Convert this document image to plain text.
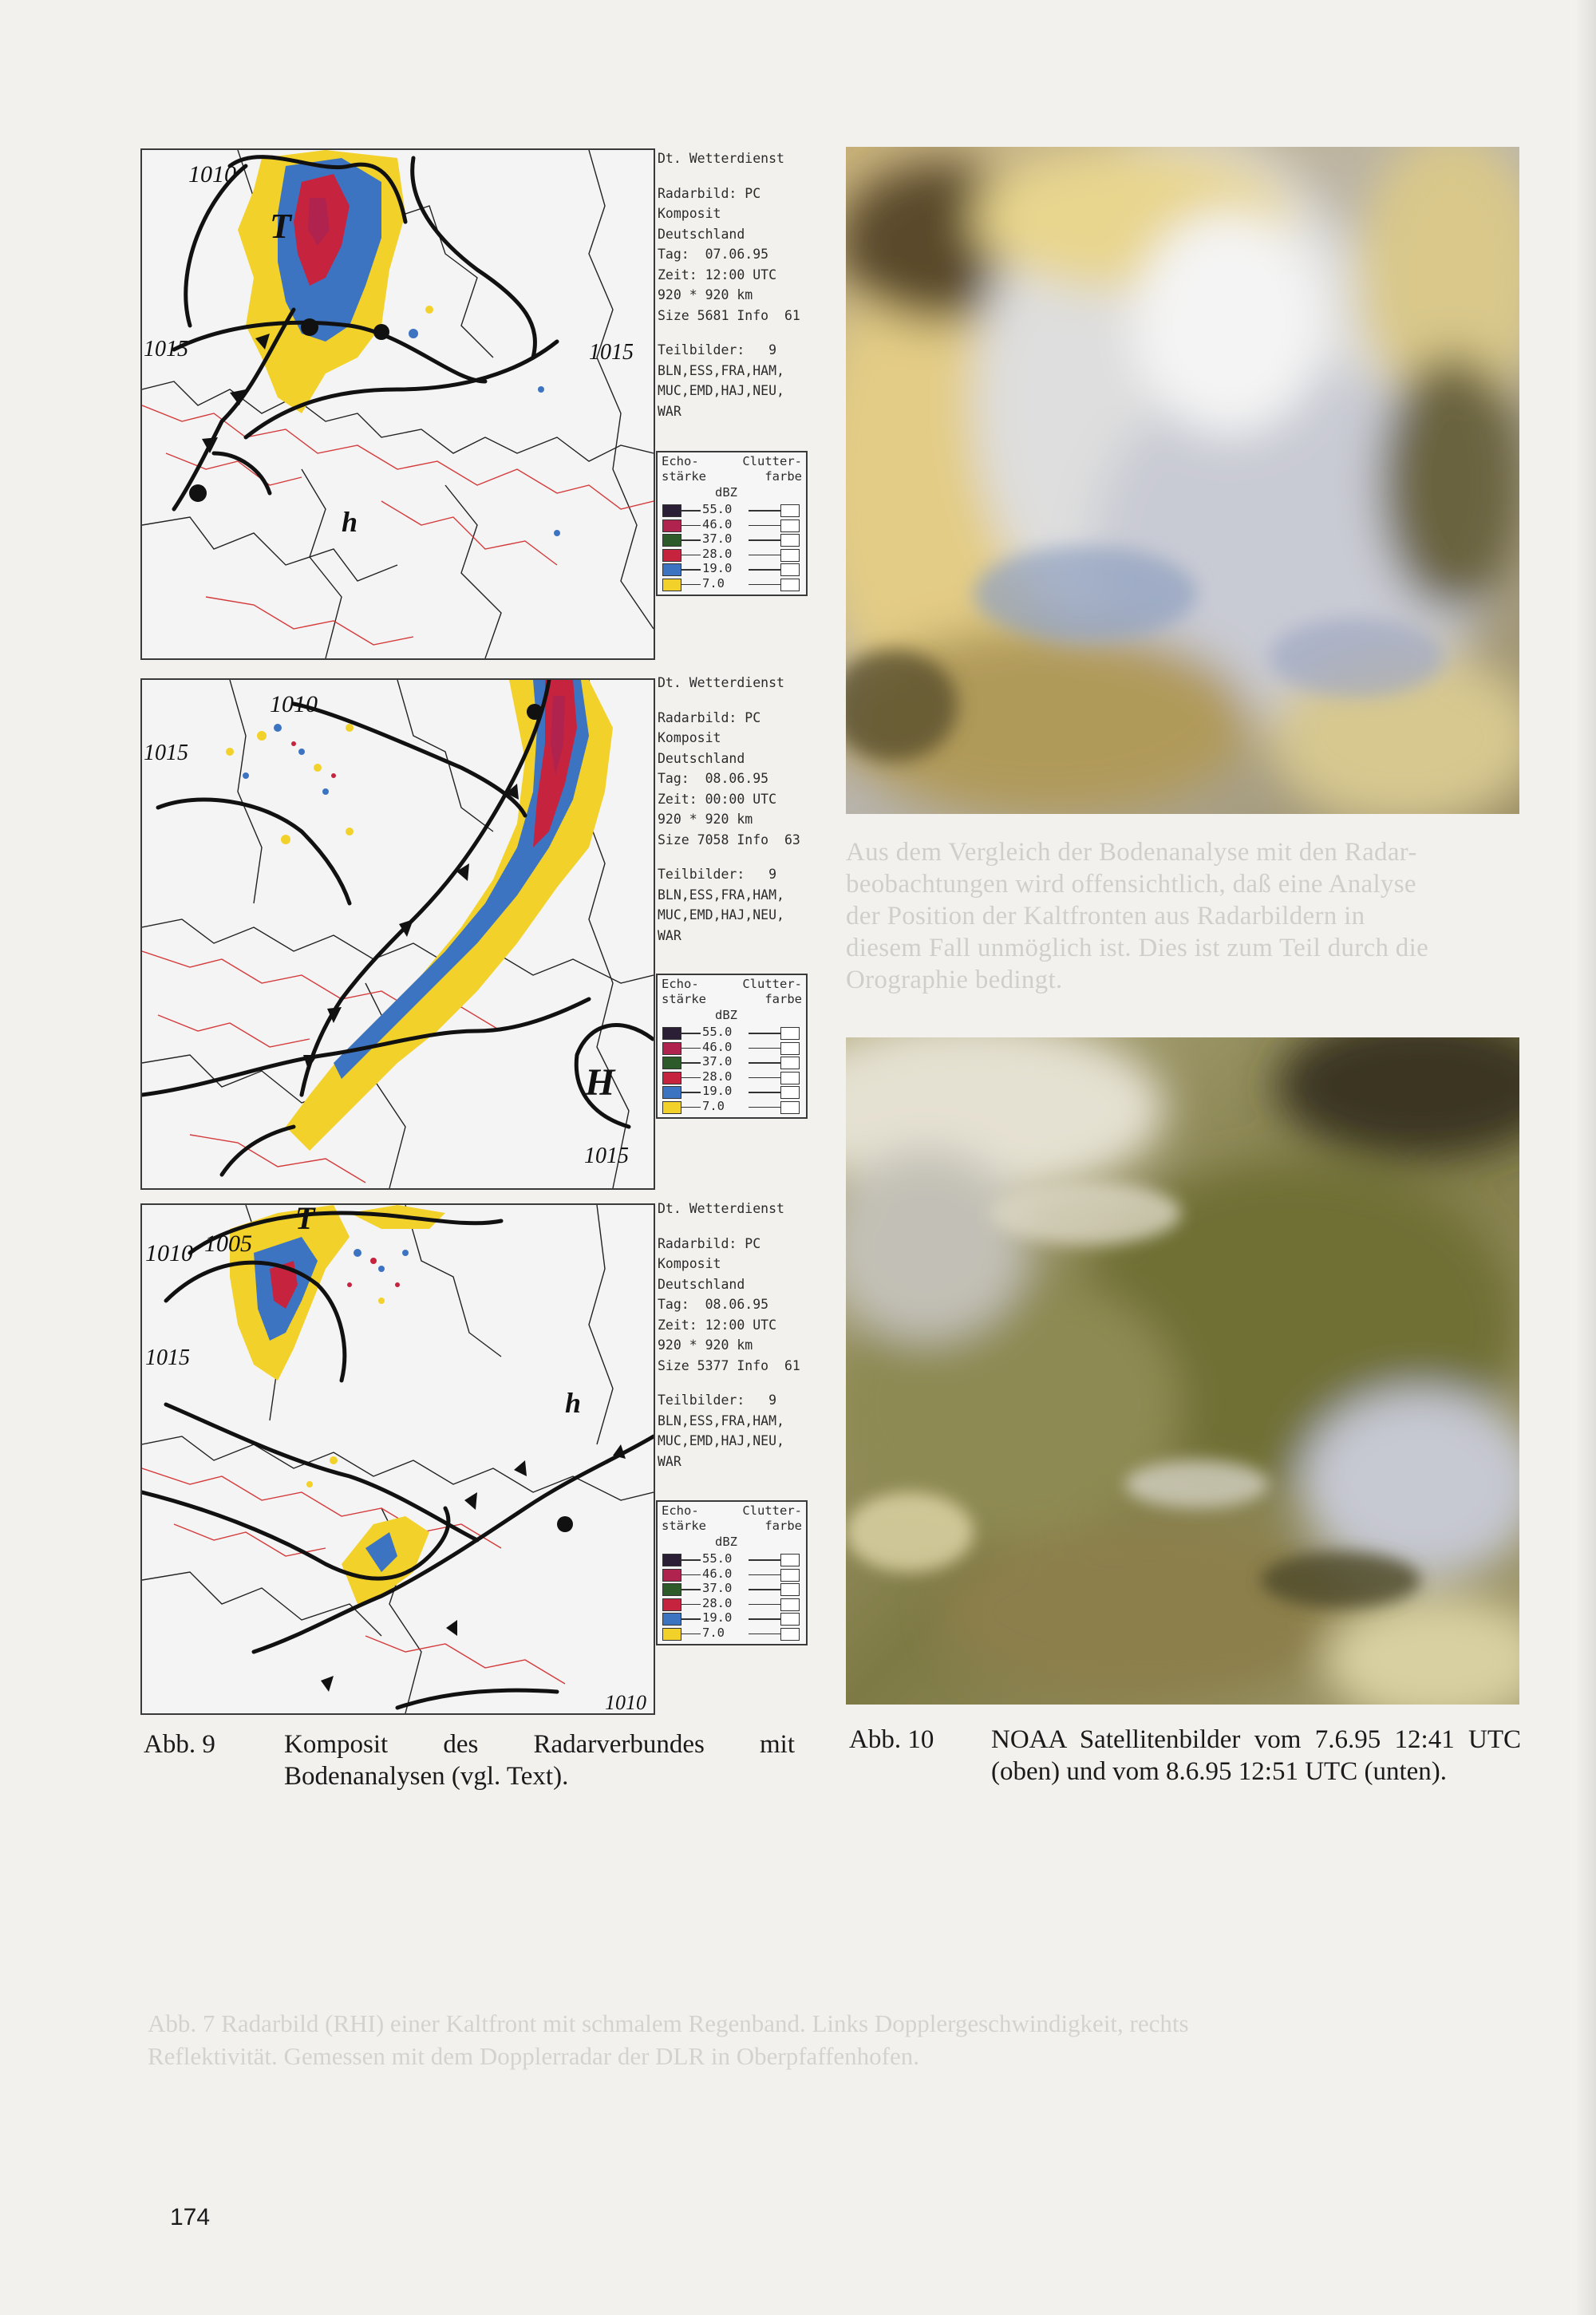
Aus dem Vergleich der Bodenanalyse mit den Radar-
beobachtungen wird offensichtlich, daß eine Analyse
der Position der Kaltfronten aus Radarbildern in
diesem Fall unmöglich ist. Dies ist zum Teil durch die
Orographie bedingt.
Abb. 7 Radarbild (RHI) einer Kaltfront mit schmalem Regenband. Links Dopplergeschwindigkeit, rechts
Reflektivität. Gemessen mit dem Dopplerradar der DLR in Oberpfaffenhofen.
1010
1015	1015
T
h
Dt. Wetterdienst
Radarbild: PC
Komposit
Deutschland
Tag:  07.06.95
Zeit: 12:00 UTC
920 * 920 km
Size 5681 Info  61
Teilbilder:   9
BLN,ESS,FRA,HAM,
MUC,EMD,HAJ,NEU,
WAR
Echo-	Clutter-
stärke	farbe
dBZ
55.0
46.0
37.0
28.0
19.0
7.0
1010
1015
1015
H
Dt. Wetterdienst
Radarbild: PC
Komposit
Deutschland
Tag:  08.06.95
Zeit: 00:00 UTC
920 * 920 km
Size 7058 Info  63
Teilbilder:   9
BLN,ESS,FRA,HAM,
MUC,EMD,HAJ,NEU,
WAR
Echo-	Clutter-
stärke	farbe
dBZ
55.0
46.0
37.0
28.0
19.0
7.0
1010 1005
1015
1010
T
h
Dt. Wetterdienst
Radarbild: PC
Komposit
Deutschland
Tag:  08.06.95
Zeit: 12:00 UTC
920 * 920 km
Size 5377 Info  61
Teilbilder:   9
BLN,ESS,FRA,HAM,
MUC,EMD,HAJ,NEU,
WAR
Echo-	Clutter-
stärke	farbe
dBZ
55.0
46.0
37.0
28.0
19.0
7.0
Abb. 9	Komposit des Radarverbundes mit Bodenanalysen (vgl. Text).
Abb. 10 NOAA Satellitenbilder vom 7.6.95 12:41 UTC (oben) und vom 8.6.95 12:51 UTC (unten).
174
